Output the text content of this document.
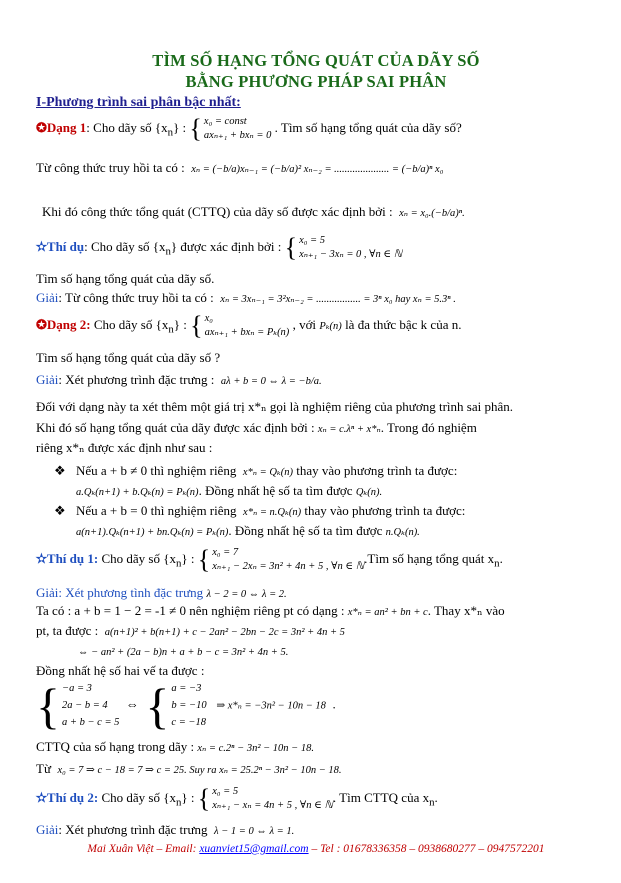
TÌM SỐ HẠNG TỔNG QUÁT CỦA DÃY SỐ
BẰNG PHƯƠNG PHÁP SAI PHÂN
I-Phương trình sai phân bậc nhất:
✪Dạng 1: Cho dãy số $\{x_n\}$ : { x₀ = const
axₙ₊₁ + bxₙ = 0 . Tìm số hạng tổng quát của dãy số?
Từ công thức truy hồi ta có : xₙ = (−b/a)xₙ₋₁ = (−b/a)² xₙ₋₂ = ..................... = (−b/a)ⁿ x₀
Khi đó công thức tổng quát (CTTQ) của dãy số được xác định bởi : xₙ = x₀.(−b/a)ⁿ.
✫Thí dụ: Cho dãy số $\{x_n\}$ được xác định bởi : { x₀ = 5
xₙ₊₁ − 3xₙ = 0 , ∀n ∈ ℕ
Tìm số hạng tổng quát của dãy số.
Giải: Từ công thức truy hồi ta có : xₙ = 3xₙ₋₁ = 3²xₙ₋₂ = ................. = 3ⁿ x₀ hay xₙ = 5.3ⁿ .
✪Dạng 2: Cho dãy số $\{x_n\}$ : { x₀
axₙ₊₁ + bxₙ = Pₖ(n) , với Pₖ(n) là đa thức bậc k của n.
Tìm số hạng tổng quát của dãy số ?
Giải: Xét phương trình đặc trưng : aλ + b = 0 ⇔ λ = −b/a.
Đối với dạng này ta xét thêm một giá trị x*ₙ gọi là nghiệm riêng của phương trình sai phân.
Khi đó số hạng tổng quát của dãy được xác định bởi : xₙ = c.λⁿ + x*ₙ. Trong đó nghiệm
riêng x*ₙ được xác định như sau :
❖ Nếu a + b ≠ 0 thì nghiệm riêng x*ₙ = Qₖ(n) thay vào phương trình ta được:
a.Qₖ(n+1) + b.Qₖ(n) = Pₖ(n). Đồng nhất hệ số ta tìm được Qₖ(n).
❖ Nếu a + b = 0 thì nghiệm riêng x*ₙ = n.Qₖ(n) thay vào phương trình ta được:
a(n+1).Qₖ(n+1) + bn.Qₖ(n) = Pₖ(n). Đồng nhất hệ số ta tìm được n.Qₖ(n).
✫Thí dụ 1: Cho dãy số $\{x_n\}$ : { x₀ = 7
xₙ₊₁ − 2xₙ = 3n² + 4n + 5 , ∀n ∈ ℕ.Tìm số hạng tổng quát $x_n$.
Giải: Xét phương tình đặc trưng λ − 2 = 0 ⇔ λ = 2.
Ta có : a + b = 1 − 2 = -1 ≠ 0 nên nghiệm riêng pt có dạng : x*ₙ = an² + bn + c. Thay x*ₙ vào
pt, ta được : a(n+1)² + b(n+1) + c − 2an² − 2bn − 2c = 3n² + 4n + 5
⇔ − an² + (2a − b)n + a + b − c = 3n² + 4n + 5.
Đồng nhất hệ số hai vế ta được :
{ −a = 3
2a − b = 4
a + b − c = 5  ⇔  { a = −3
b = −10
c = −18   ⇒ x*ₙ = −3n² − 10n − 18  .
CTTQ của số hạng trong dãy : xₙ = c.2ⁿ − 3n² − 10n − 18.
Từ x₀ = 7 ⇒ c − 18 = 7 ⇒ c = 25. Suy ra xₙ = 25.2ⁿ − 3n² − 10n − 18.
✫Thí dụ 2: Cho dãy số $\{x_n\}$ : { x₀ = 5
xₙ₊₁ − xₙ = 4n + 5 , ∀n ∈ ℕ. Tìm CTTQ của $x_n$.
Giải: Xét phương trình đặc trưng λ − 1 = 0 ⇔ λ = 1.
Mai Xuân Việt – Email: xuanviet15@gmail.com – Tel : 01678336358 – 0938680277 – 0947572201
